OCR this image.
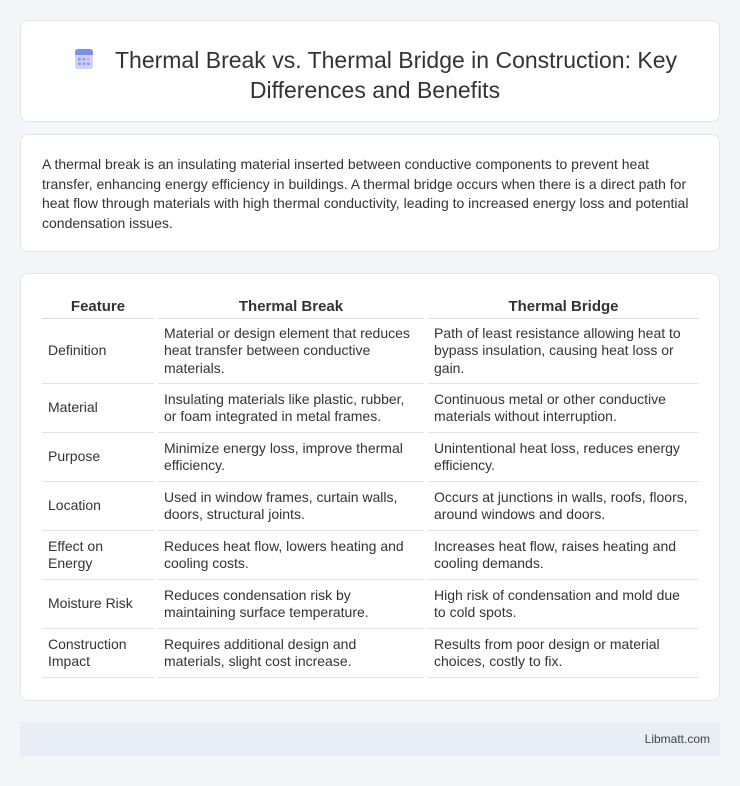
Thermal Break vs. Thermal Bridge in Construction: Key Differences and Benefits

A thermal break is an insulating material inserted between conductive components to prevent heat transfer, enhancing energy efficiency in buildings. A thermal bridge occurs when there is a direct path for heat flow through materials with high thermal conductivity, leading to increased energy loss and potential condensation issues.

Feature		Thermal Break		Thermal Bridge
Definition		Material or design element that reduces heat transfer between conductive materials.		Path of least resistance allowing heat to bypass insulation, causing heat loss or gain.
Material		Insulating materials like plastic, rubber, or foam integrated in metal frames.		Continuous metal or other conductive materials without interruption.
Purpose		Minimize energy loss, improve thermal efficiency.		Unintentional heat loss, reduces energy efficiency.
Location		Used in window frames, curtain walls, doors, structural joints.		Occurs at junctions in walls, roofs, floors, around windows and doors.
Effect on Energy		Reduces heat flow, lowers heating and cooling costs.		Increases heat flow, raises heating and cooling demands.
Moisture Risk		Reduces condensation risk by maintaining surface temperature.		High risk of condensation and mold due to cold spots.
Construction Impact		Requires additional design and materials, slight cost increase.		Results from poor design or material choices, costly to fix.
Libmatt.com
